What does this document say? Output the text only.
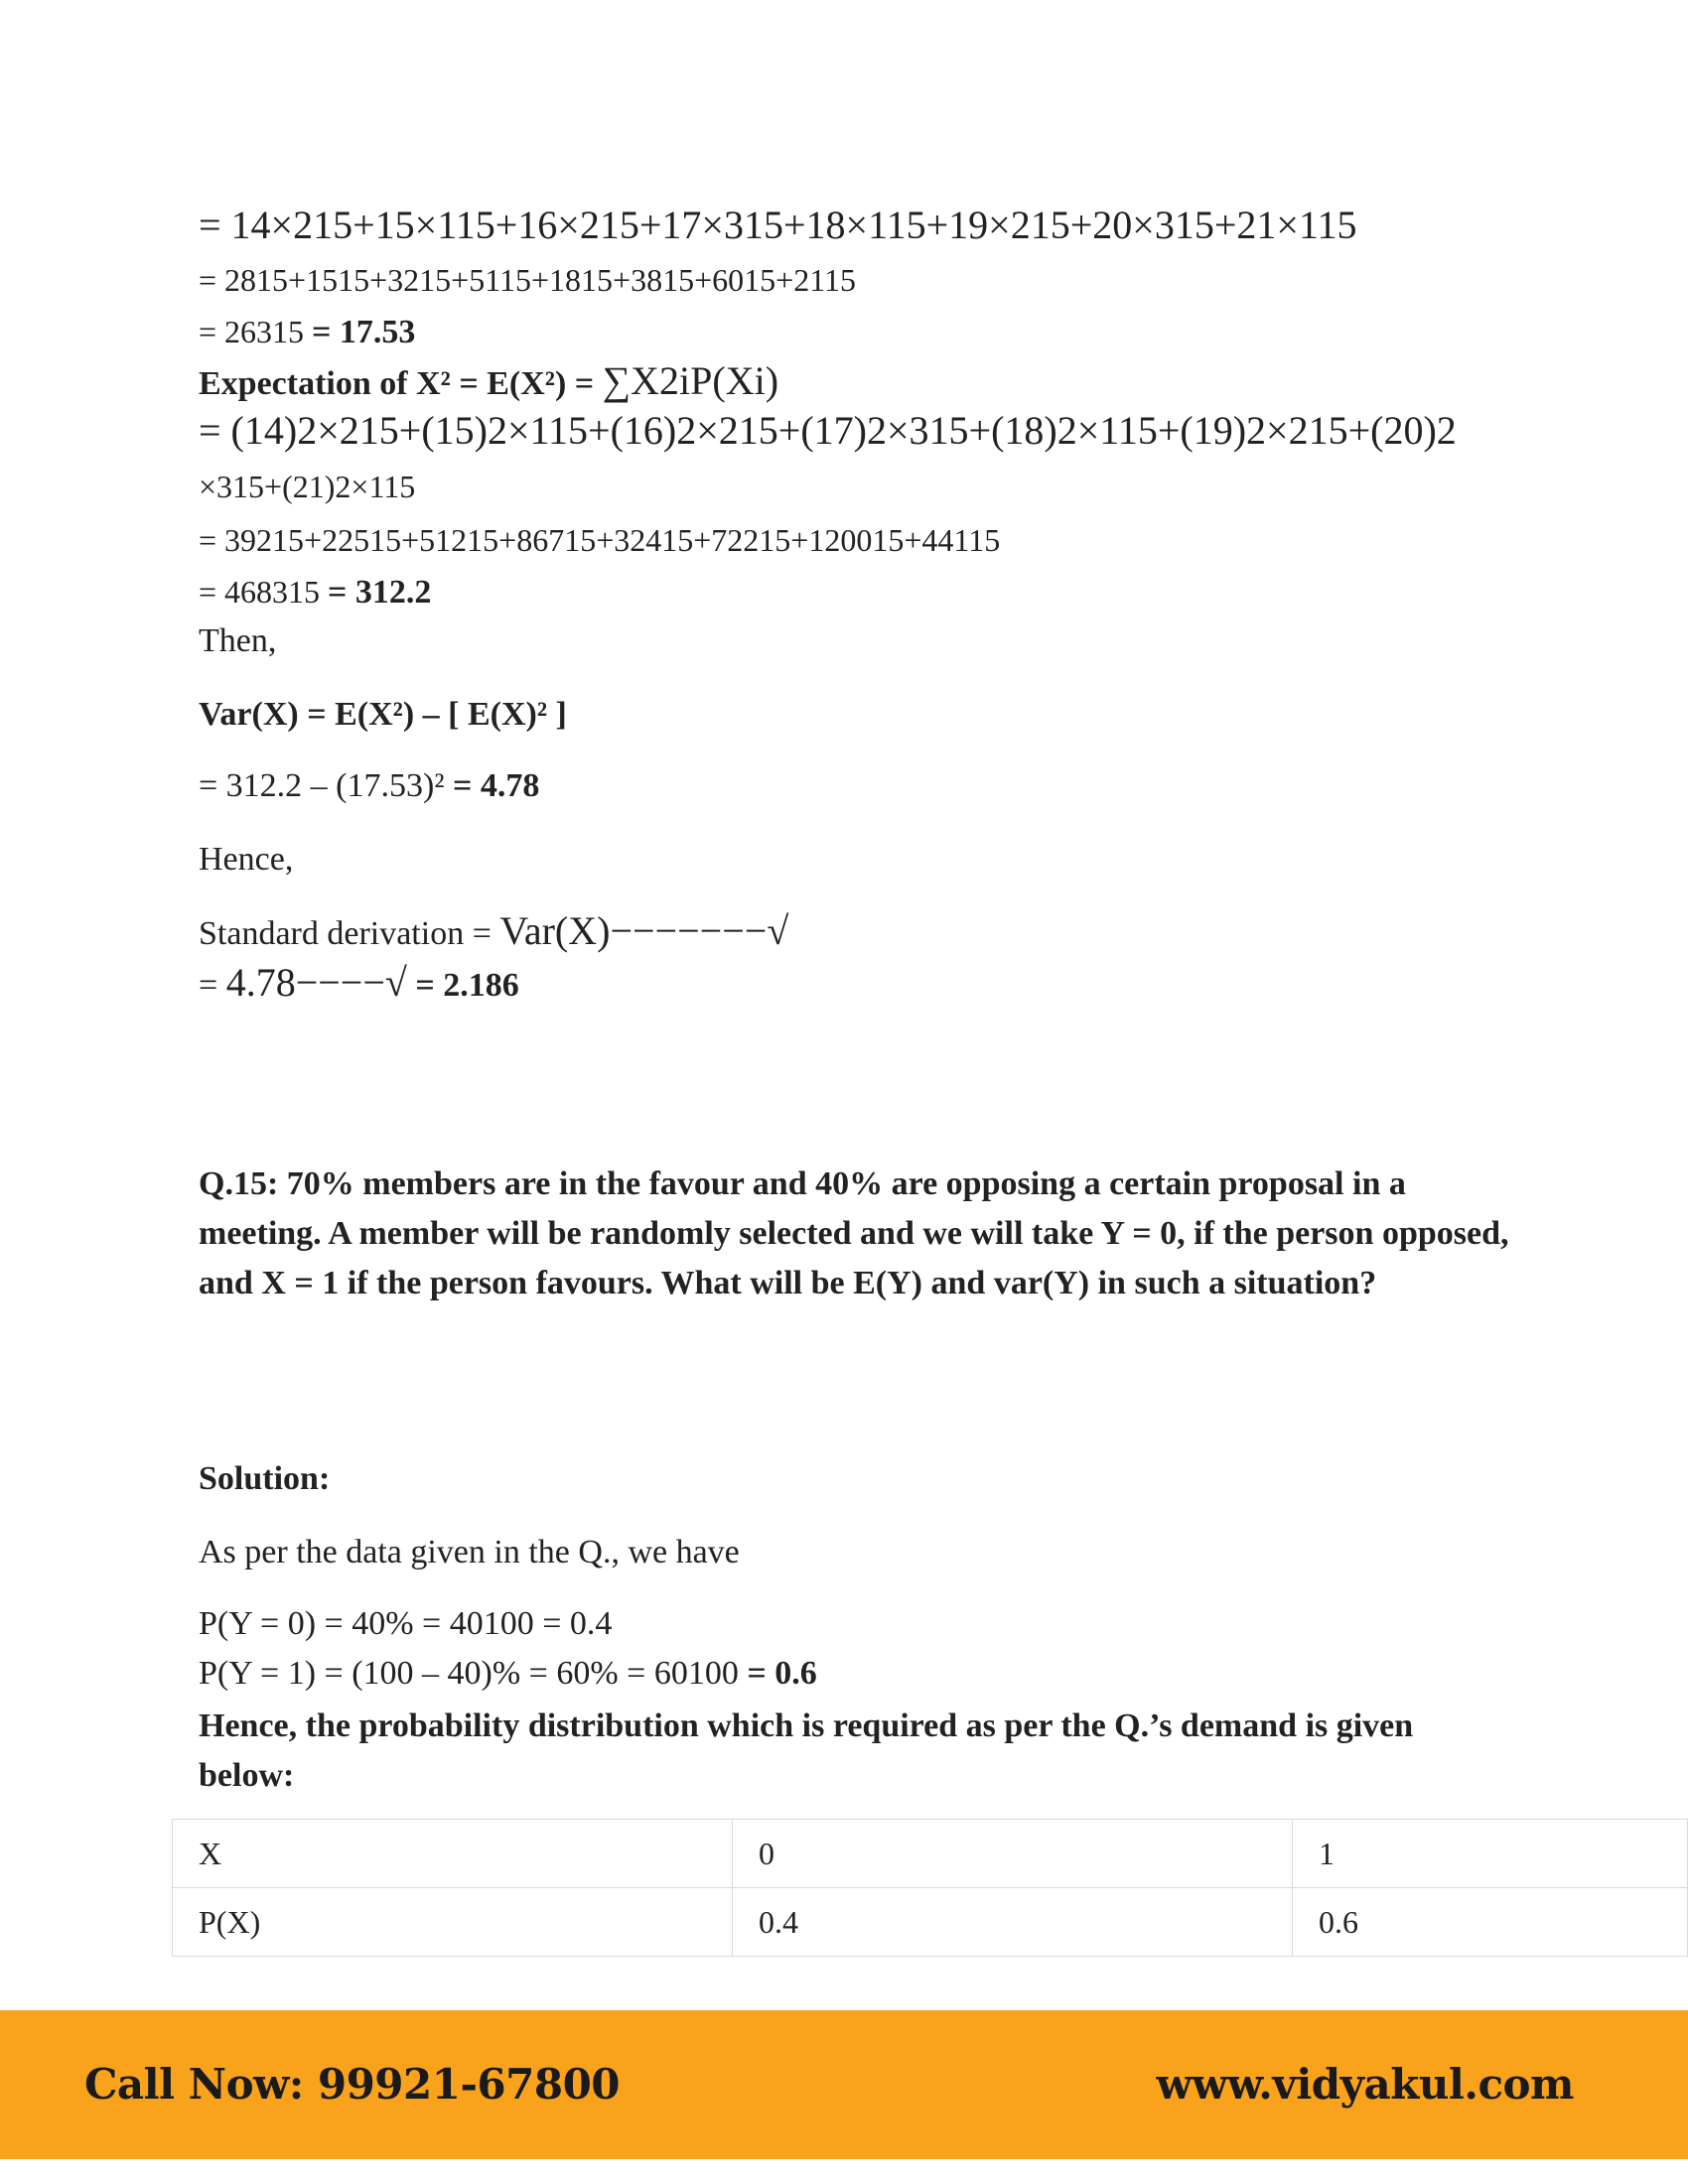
= 14×215+15×115+16×215+17×315+18×115+19×215+20×315+21×115
= 2815+1515+3215+5115+1815+3815+6015+2115
= 26315 = 17.53
Expectation of X² = E(X²) = ∑X2iP(Xi)
= (14)2×215+(15)2×115+(16)2×215+(17)2×315+(18)2×115+(19)2×215+(20)2
×315+(21)2×115
= 39215+22515+51215+86715+32415+72215+120015+44115
= 468315 = 312.2
Then,
Var(X) = E(X²) – [ E(X)² ]
= 312.2 – (17.53)² = 4.78
Hence,
Standard derivation = Var(X)−−−−−−−√
= 4.78−−−−√ = 2.186
Q.15: 70% members are in the favour and 40% are opposing a certain proposal in a meeting. A member will be randomly selected and we will take Y = 0, if the person opposed, and X = 1 if the person favours. What will be E(Y) and var(Y) in such a situation?
Solution:
As per the data given in the Q., we have
P(Y = 0) = 40% = 40100 = 0.4
P(Y = 1) = (100 – 40)% = 60% = 60100 = 0.6
Hence, the probability distribution which is required as per the Q.’s demand is given below:
X	0	1
P(X)	0.4	0.6
Call Now: 99921-67800	www.vidyakul.com
